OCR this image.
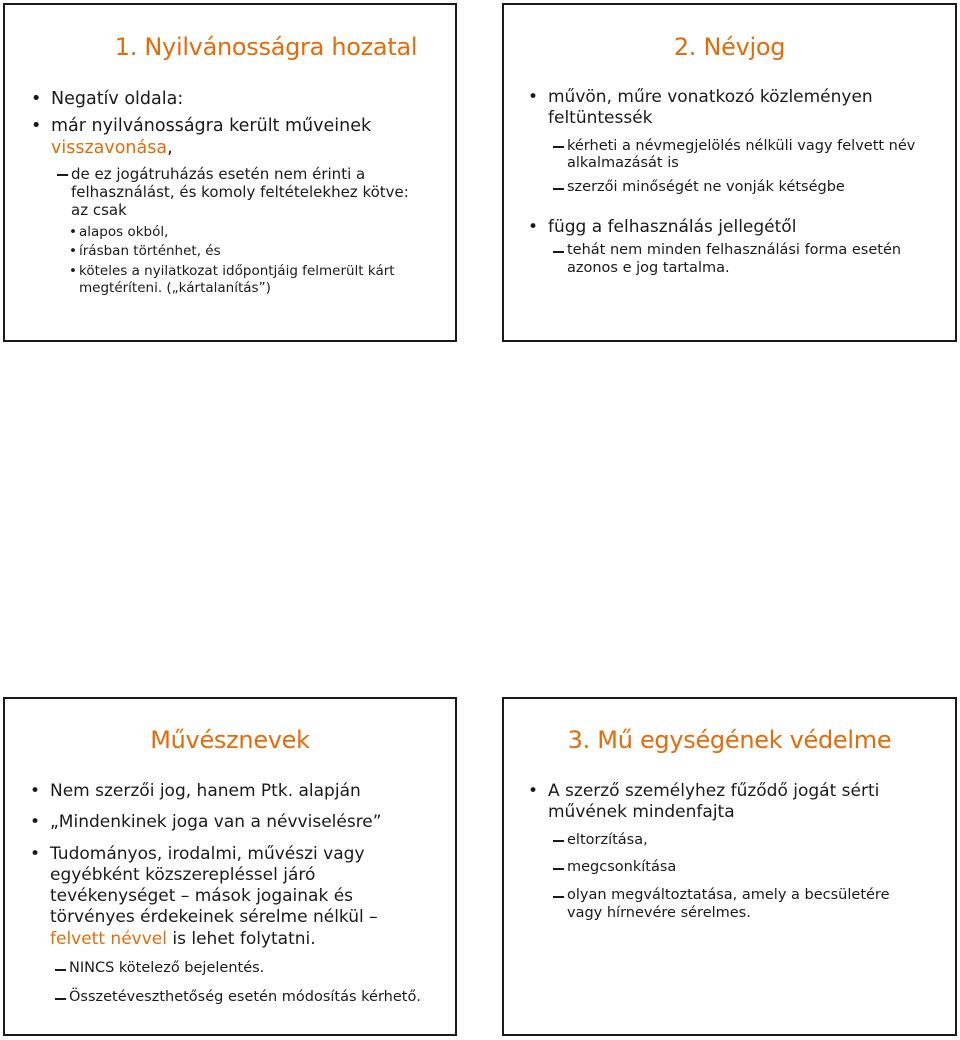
1. Nyilvánosságra hozatal

• Negatív oldala:

• már nyilvánosságra került műveinek
visszavonása,

de ez jogátruházás esetén nem érinti a felhasználást, és komoly feltételekhez kötve: az csak

• alapos okból,

• írásban történhet, és

• köteles a nyilatkozat időpontjáig felmerült kárt megtéríteni. („kártalanítás”)

2. Névjog

• művön, műre vonatkozó közleményen feltüntessék

kérheti a névmegjelölés nélküli vagy felvett név alkalmazását is

szerzői minőségét ne vonják kétségbe

• függ a felhasználás jellegétől

tehát nem minden felhasználási forma esetén azonos e jog tartalma.

Művésznevek

• Nem szerzői jog, hanem Ptk. alapján

• „Mindenkinek joga van a névviselésre”

• Tudományos, irodalmi, művészi vagy egyébként közszerepléssel járó tevékenységet – mások jogainak és törvényes érdekeinek sérelme nélkül – felvett névvel is lehet folytatni.

NINCS kötelező bejelentés.

Összetéveszthetőség esetén módosítás kérhető.

3. Mű egységének védelme

• A szerző személyhez fűződő jogát sérti művének mindenfajta

eltorzítása,

megcsonkítása

olyan megváltoztatása, amely a becsületére vagy hírnevére sérelmes.
